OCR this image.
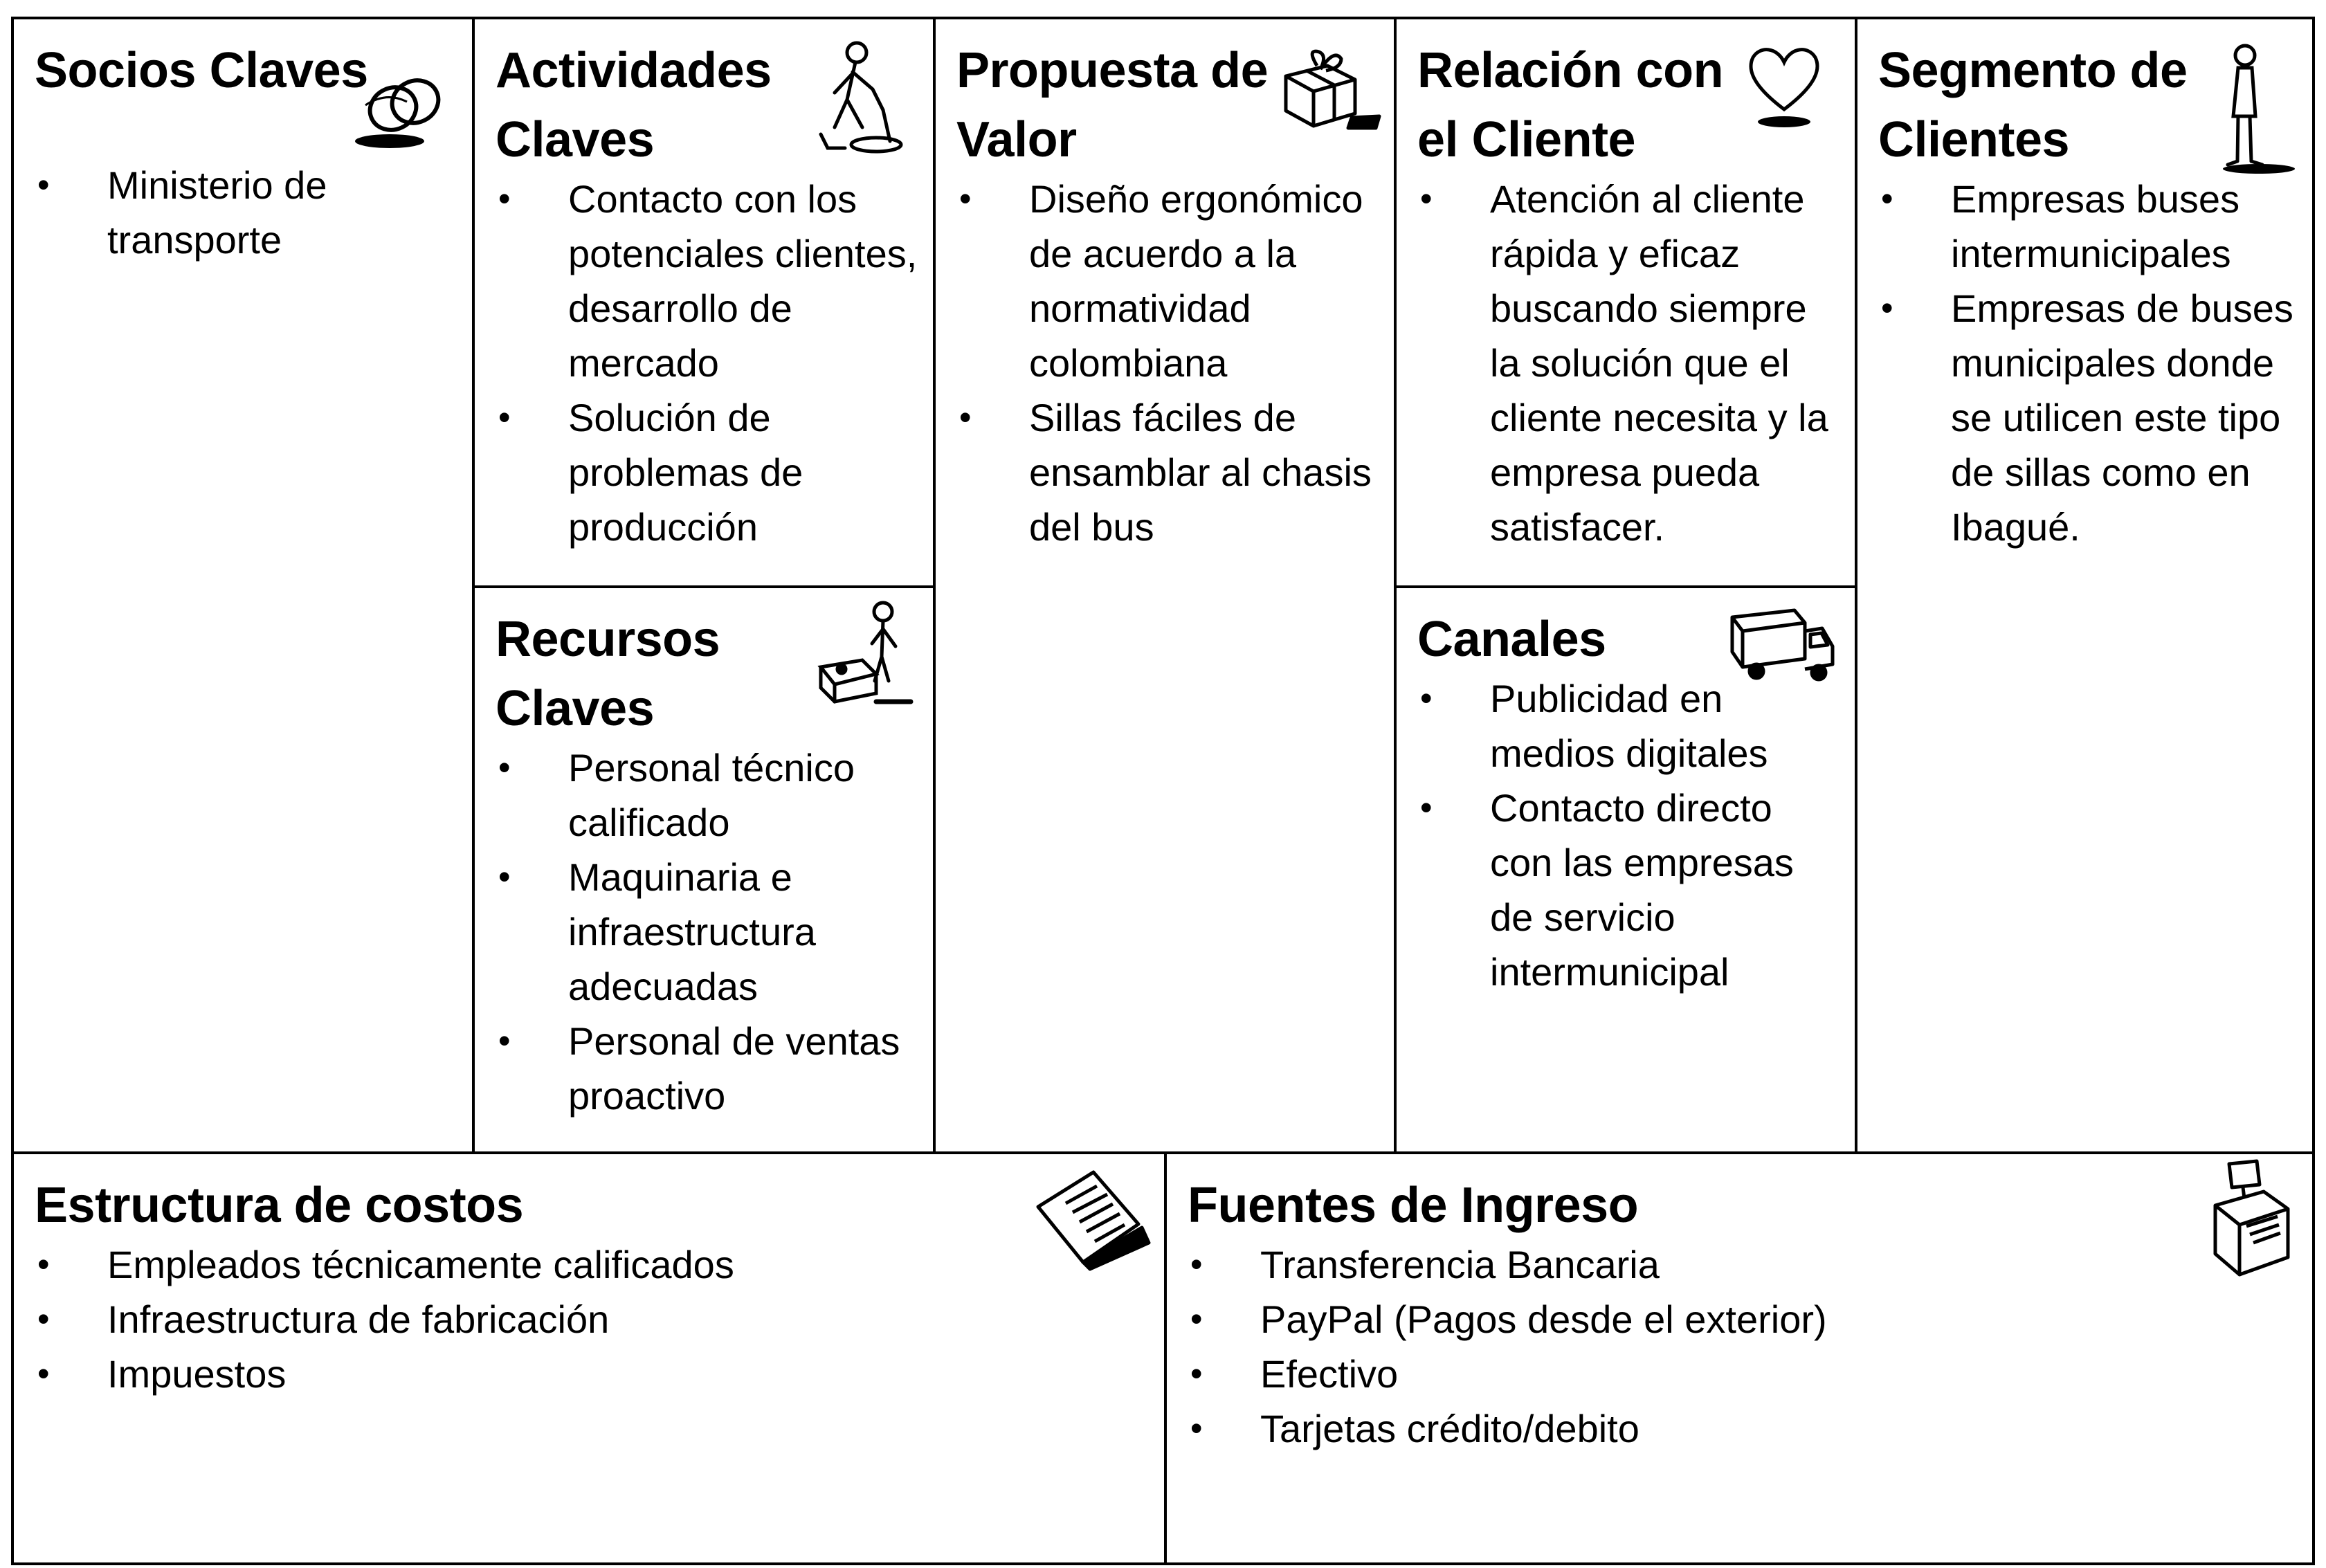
Socios Claves
• Ministerio de transporte
Actividades
Claves
• Contacto con los potenciales clientes, desarrollo de mercado
• Solución de problemas de producción
Recursos
Claves
• Personal técnico calificado
• Maquinaria e infraestructura adecuadas
• Personal de ventas proactivo
Propuesta de
Valor
• Diseño ergonómico de acuerdo a la normatividad colombiana
• Sillas fáciles de ensamblar al chasis del bus
Relación con
el Cliente
• Atención al cliente rápida y eficaz buscando siempre la solución que el cliente necesita y la empresa pueda satisfacer.
Canales
• Publicidad en medios digitales
• Contacto directo con las empresas de servicio intermunicipal
Segmento de
Clientes
• Empresas buses intermunicipales
• Empresas de buses municipales donde se utilicen este tipo de sillas como en Ibagué.
Estructura de costos
• Empleados técnicamente calificados
• Infraestructura de fabricación
• Impuestos
Fuentes de Ingreso
• Transferencia Bancaria
• PayPal (Pagos desde el exterior)
• Efectivo
• Tarjetas crédito/debito
